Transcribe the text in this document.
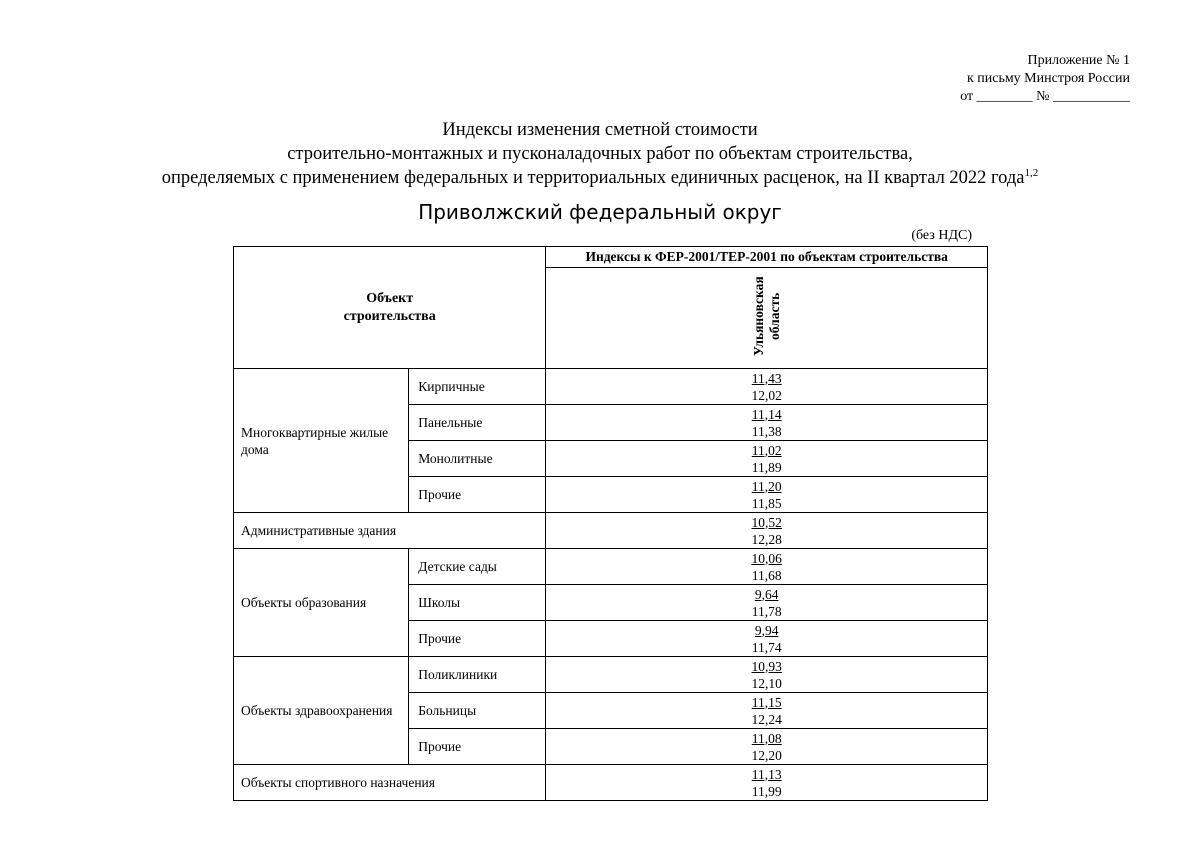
Приложение № 1
к письму Минстроя России
от ________ № ___________
Индексы изменения сметной стоимости
строительно-монтажных и пусконаладочных работ по объектам строительства,
определяемых с применением федеральных и территориальных единичных расценок, на II квартал 2022 года$^{1,2}$
Приволжский федеральный округ
(без НДС)
Объект строительства		Индексы к ФЕР-2001/ТЕР-2001 по объектам строительства
		Ульяновская область
Многоквартирные жилые дома	Кирпичные	11,43
12,02

	Панельные	11,14
11,38

	Монолитные	11,02
11,89

	Прочие	11,20
11,85

Административные здания		10,52
12,28

Объекты образования	Детские сады	10,06
11,68

	Школы	9,64
11,78

	Прочие	9,94
11,74

Объекты здравоохранения	Поликлиники	10,93
12,10

	Больницы	11,15
12,24

	Прочие	11,08
12,20

Объекты спортивного назначения		11,13
11,99
